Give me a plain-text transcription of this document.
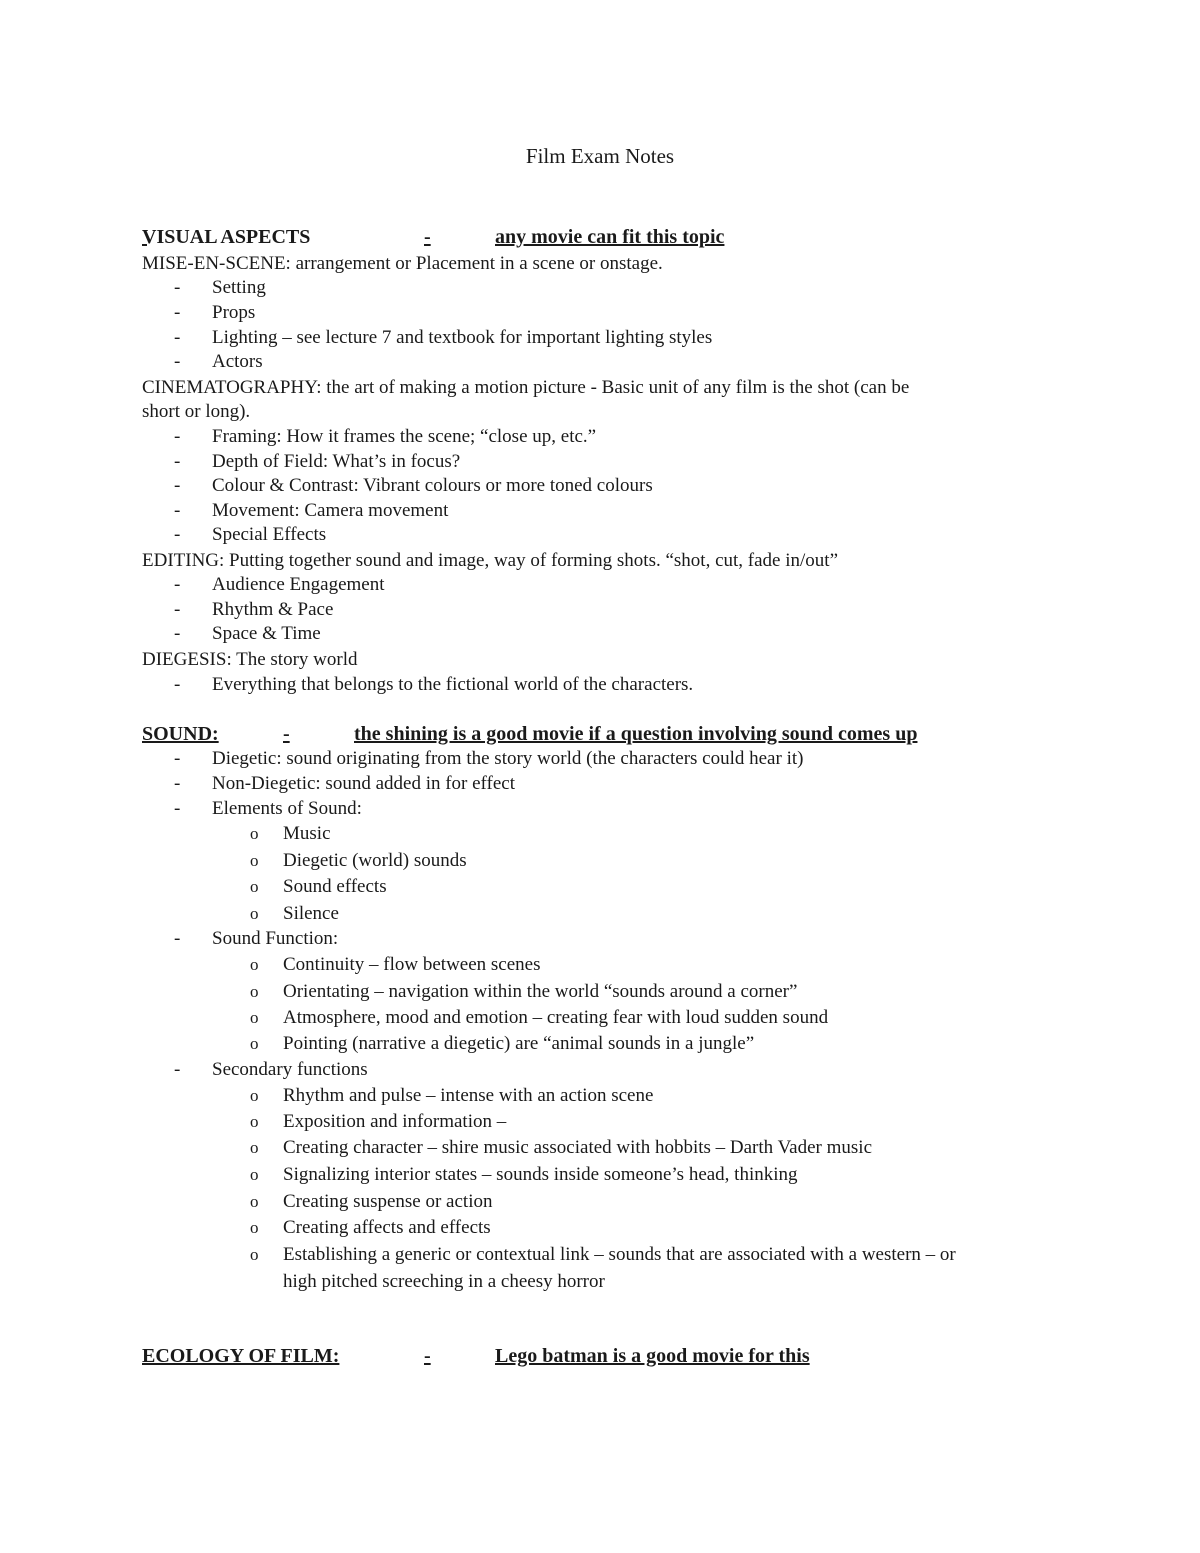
Film Exam Notes
VISUAL ASPECTS
	-	any movie can fit this topic
MISE-EN-SCENE: arrangement or Placement in a scene or onstage.
- Setting
- Props
- Lighting – see lecture 7 and textbook for important lighting styles
- Actors
CINEMATOGRAPHY: the art of making a motion picture - Basic unit of any film is the shot (can be
short or long).
- Framing: How it frames the scene; “close up, etc.”
- Depth of Field: What’s in focus?
- Colour & Contrast: Vibrant colours or more toned colours
- Movement: Camera movement
- Special Effects
EDITING: Putting together sound and image, way of forming shots. “shot, cut, fade in/out”
- Audience Engagement
- Rhythm & Pace
- Space & Time
DIEGESIS: The story world
- Everything that belongs to the fictional world of the characters.

SOUND:	-	the shining is a good movie if a question involving sound comes up
- Diegetic: sound originating from the story world (the characters could hear it)
- Non-Diegetic: sound added in for effect
- Elements of Sound:
o Music
o Diegetic (world) sounds
o Sound effects
o Silence
- Sound Function:
o Continuity – flow between scenes
o Orientating – navigation within the world “sounds around a corner”
o Atmosphere, mood and emotion – creating fear with loud sudden sound
o Pointing (narrative a diegetic) are “animal sounds in a jungle”
- Secondary functions
o Rhythm and pulse – intense with an action scene
o Exposition and information –
o Creating character – shire music associated with hobbits – Darth Vader music
o Signalizing interior states – sounds inside someone’s head, thinking
o Creating suspense or action
o Creating affects and effects
o Establishing a generic or contextual link – sounds that are associated with a western – or
high pitched screeching in a cheesy horror

ECOLOGY OF FILM:	-	Lego batman is a good movie for this
